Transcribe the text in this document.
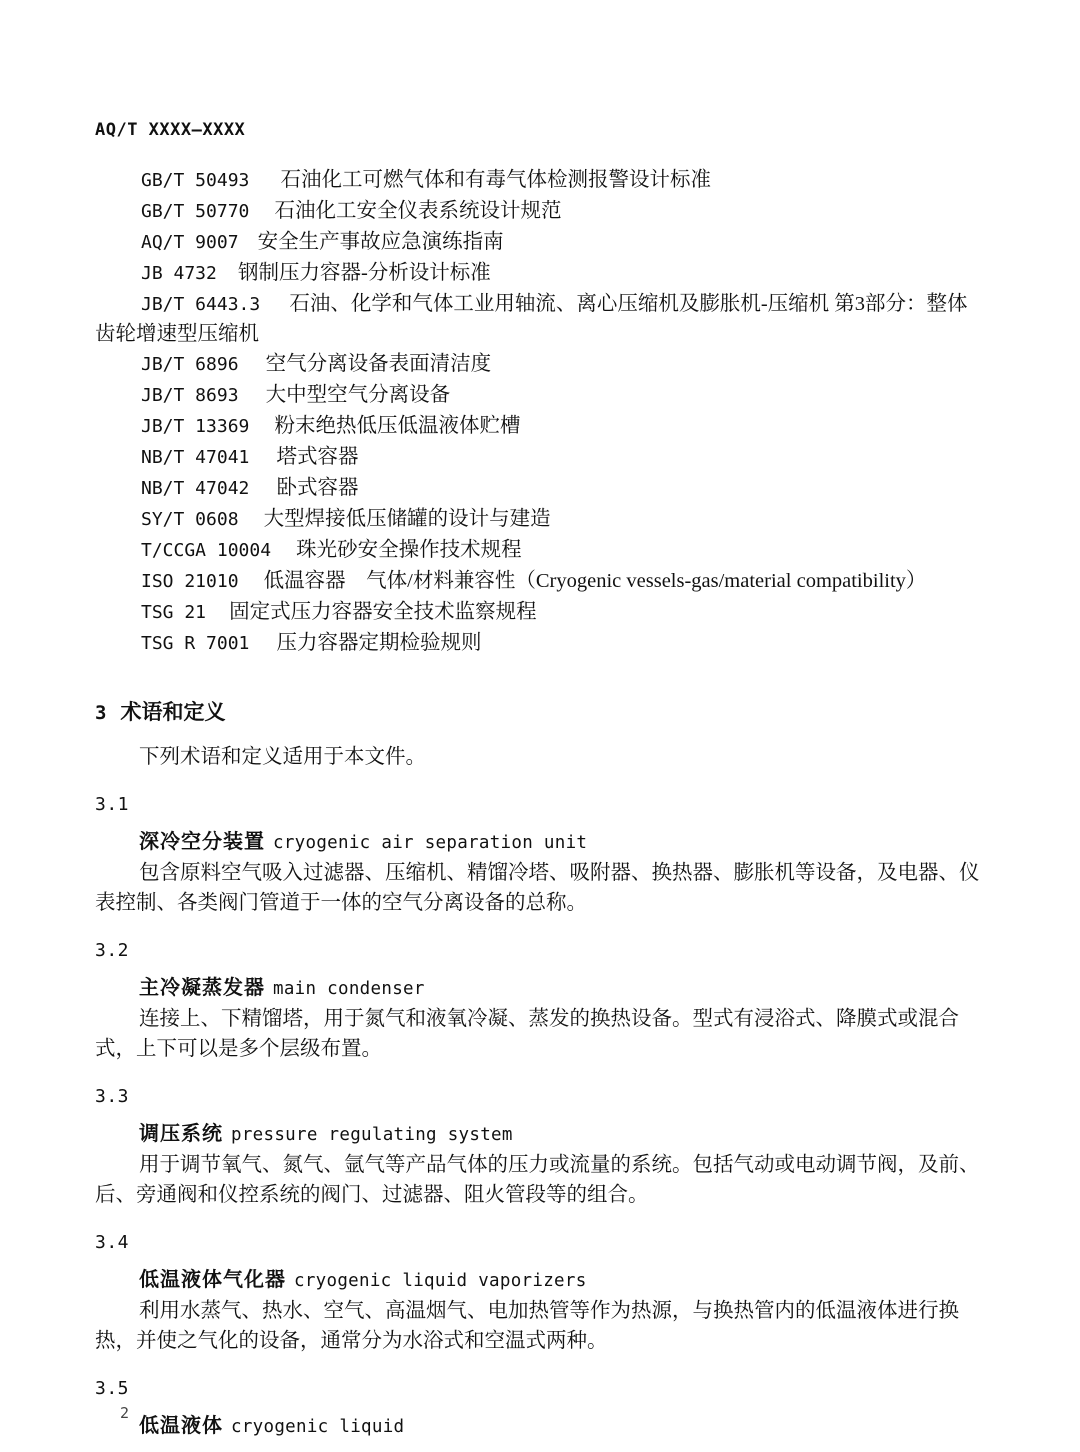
AQ/T XXXX—XXXX
GB/T 50493 石油化工可燃气体和有毒气体检测报警设计标准
GB/T 50770 石油化工安全仪表系统设计规范
AQ/T 9007 安全生产事故应急演练指南
JB 4732 钢制压力容器-分析设计标准
JB/T 6443.3 石油、化学和气体工业用轴流、离心压缩机及膨胀机-压缩机 第3部分：整体齿轮增速型压缩机
JB/T 6896 空气分离设备表面清洁度
JB/T 8693 大中型空气分离设备
JB/T 13369 粉末绝热低压低温液体贮槽
NB/T 47041 塔式容器
NB/T 47042 卧式容器
SY/T 0608 大型焊接低压储罐的设计与建造
T/CCGA 10004 珠光砂安全操作技术规程
ISO 21010 低温容器　气体/材料兼容性（Cryogenic vessels-gas/material compatibility）
TSG 21 固定式压力容器安全技术监察规程
TSG R 7001 压力容器定期检验规则
3 术语和定义
下列术语和定义适用于本文件。
3.1
深冷空分装置 cryogenic air separation unit
包含原料空气吸入过滤器、压缩机、精馏冷塔、吸附器、换热器、膨胀机等设备，及电器、仪表控制、各类阀门管道于一体的空气分离设备的总称。
3.2
主冷凝蒸发器 main condenser
连接上、下精馏塔，用于氮气和液氧冷凝、蒸发的换热设备。型式有浸浴式、降膜式或混合式，上下可以是多个层级布置。
3.3
调压系统 pressure regulating system
用于调节氧气、氮气、氩气等产品气体的压力或流量的系统。包括气动或电动调节阀，及前、后、旁通阀和仪控系统的阀门、过滤器、阻火管段等的组合。
3.4
低温液体气化器 cryogenic liquid vaporizers
利用水蒸气、热水、空气、高温烟气、电加热管等作为热源，与换热管内的低温液体进行换热，并使之气化的设备，通常分为水浴式和空温式两种。
3.5
低温液体 cryogenic liquid
2
